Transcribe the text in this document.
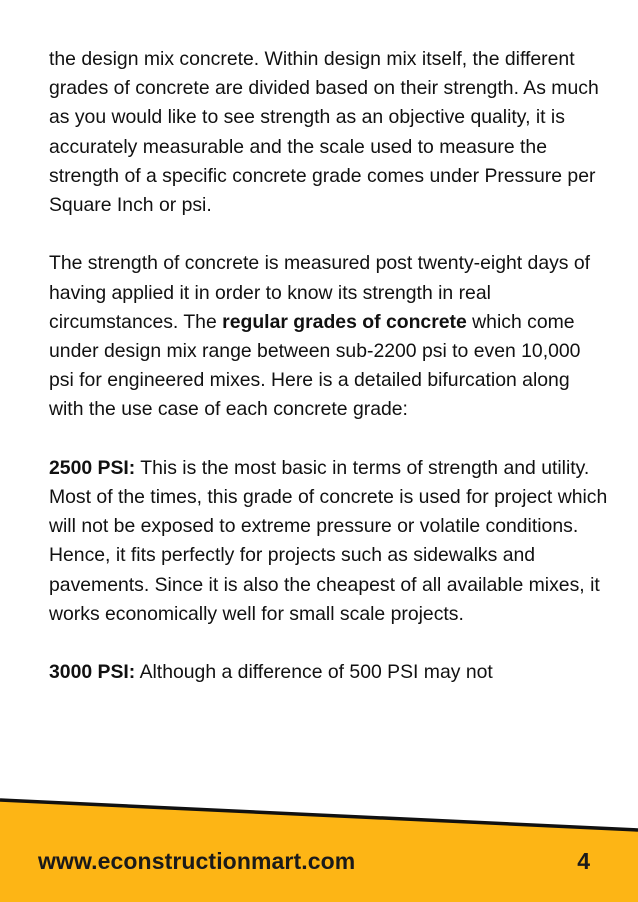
the design mix concrete. Within design mix itself, the different grades of concrete are divided based on their strength. As much as you would like to see strength as an objective quality, it is accurately measurable and the scale used to measure the strength of a specific concrete grade comes under Pressure per Square Inch or psi.

The strength of concrete is measured post twenty-eight days of having applied it in order to know its strength in real circumstances. The regular grades of concrete which come under design mix range between sub-2200 psi to even 10,000 psi for engineered mixes. Here is a detailed bifurcation along with the use case of each concrete grade:

2500 PSI: This is the most basic in terms of strength and utility. Most of the times, this grade of concrete is used for project which will not be exposed to extreme pressure or volatile conditions. Hence, it fits perfectly for projects such as sidewalks and pavements. Since it is also the cheapest of all available mixes, it works economically well for small scale projects.

3000 PSI: Although a difference of 500 PSI may not

www.econstructionmart.com	4
